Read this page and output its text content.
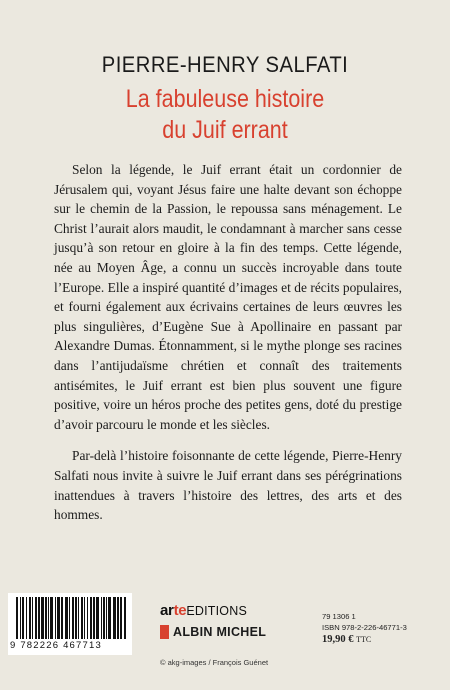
PIERRE-HENRY SALFATI
La fabuleuse histoire
du Juif errant

Selon la légende, le Juif errant était un cordonnier de Jérusalem qui, voyant Jésus faire une halte devant son échoppe sur le chemin de la Passion, le repoussa sans ménagement. Le Christ l’aurait alors maudit, le condamnant à marcher sans cesse jusqu’à son retour en gloire à la fin des temps. Cette légende, née au Moyen Âge, a connu un succès incroyable dans toute l’Europe. Elle a inspiré quantité d’images et de récits populaires, et fourni également aux écrivains certaines de leurs œuvres les plus singulières, d’Eugène Sue à Apollinaire en passant par Alexandre Dumas. Étonnamment, si le mythe plonge ses racines dans l’antijudaïsme chrétien et connaît des traitements antisémites, le Juif errant est bien plus souvent une figure positive, voire un héros proche des petites gens, doté du prestige d’avoir parcouru le monde et les siècles.

Par-delà l’histoire foisonnante de cette légende, Pierre-Henry Salfati nous invite à suivre le Juif errant dans ses pérégrinations inattendues à travers l’histoire des lettres, des arts et des hommes.

9 782226 467713
arteEDITIONS
ALBIN MICHEL
79 1306 1
ISBN 978-2-226-46771-3
19,90 € TTC
© akg-images / François Guénet
